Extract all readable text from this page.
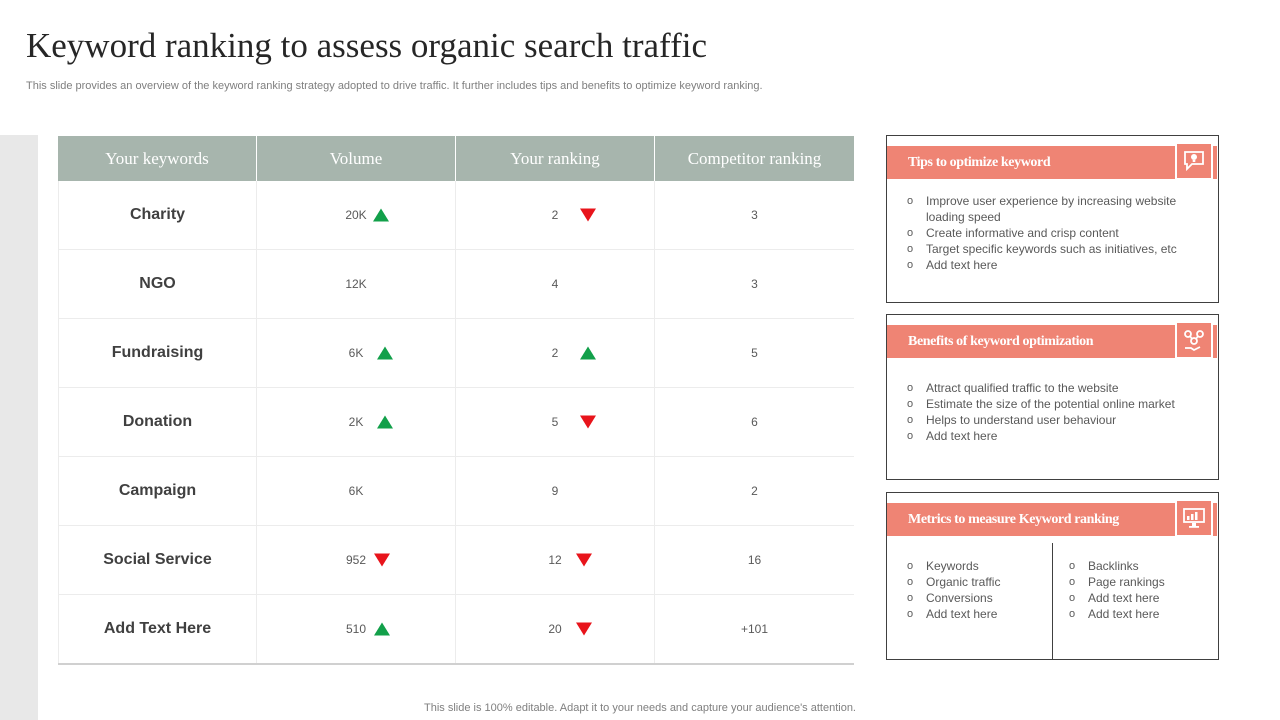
Keyword ranking to assess organic search traffic
This slide provides an overview of the keyword ranking strategy adopted to drive traffic. It further includes tips and benefits to optimize keyword ranking.
Your keywords	Volume	Your ranking	Competitor ranking
Charity	20K	2	3
NGO	12K	4	3
Fundraising	6K	2	5
Donation	2K	5	6
Campaign	6K	9	2
Social Service	952	12	16
Add Text Here	510	20	+101
Tips to optimize keyword
o Improve user experience by increasing website loading speed
o Create informative and crisp content
o Target specific keywords such as initiatives, etc
o Add text here
Benefits of keyword optimization
o Attract qualified traffic to the website
o Estimate the size of the potential online market
o Helps to understand user behaviour
o Add text here
Metrics to measure Keyword ranking
o Keywords
o Organic traffic
o Conversions
o Add text here
o Backlinks
o Page rankings
o Add text here
o Add text here
This slide is 100% editable. Adapt it to your needs and capture your audience's attention.
